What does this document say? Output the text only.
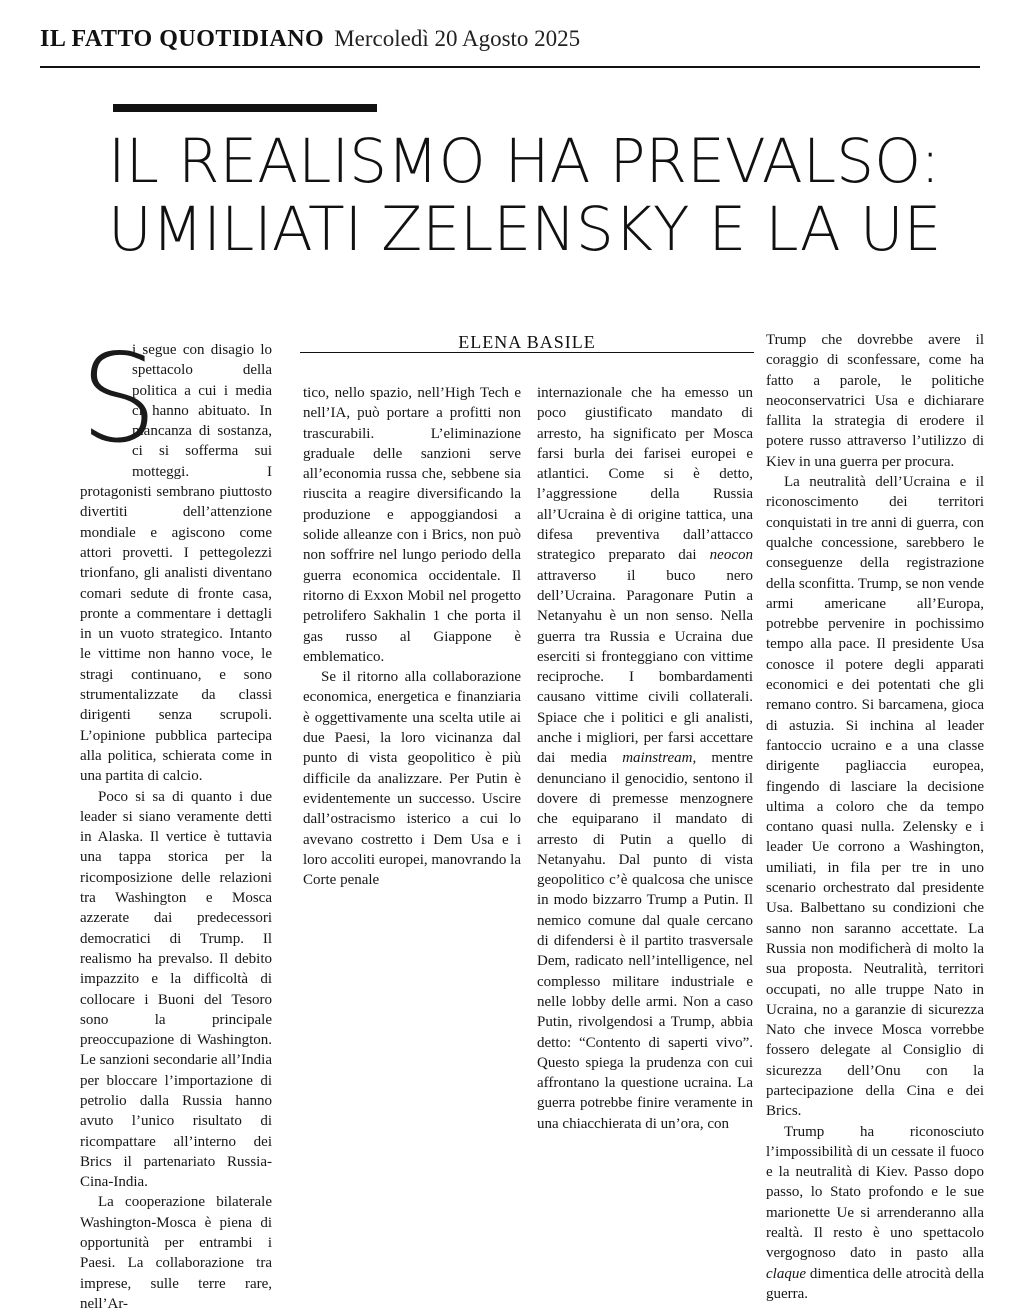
IL FATTO QUOTIDIANO Mercoledì 20 Agosto 2025
IL REALISMO HA PREVALSO:
UMILIATI ZELENSKY E LA UE
ELENA BASILE
S

i segue con disagio lo spettacolo della politica a cui i media ci hanno abituato. In mancanza di sostanza, ci si sofferma sui motteggi. I protagonisti sembrano piuttosto divertiti dell’attenzione mondiale e agiscono come attori provetti. I pettegolezzi trionfano, gli analisti diventano comari sedute di fronte casa, pronte a commentare i dettagli in un vuoto strategico. Intanto le vittime non hanno voce, le stragi continuano, e sono strumentalizzate da classi dirigenti senza scrupoli. L’opinione pubblica partecipa alla politica, schierata come in una partita di calcio.

Poco si sa di quanto i due leader si siano veramente detti in Alaska. Il vertice è tuttavia una tappa storica per la ricomposizione delle relazioni tra Washington e Mosca azzerate dai predecessori democratici di Trump. Il realismo ha prevalso. Il debito impazzito e la difficoltà di collocare i Buoni del Tesoro sono la principale preoccupazione di Washington. Le sanzioni secondarie all’India per bloccare l’importazione di petrolio dalla Russia hanno avuto l’unico risultato di ricompattare all’interno dei Brics il partenariato Russia-Cina-India.

La cooperazione bilaterale Washington-Mosca è piena di opportunità per entrambi i Paesi. La collaborazione tra imprese, sulle terre rare, nell’Ar-

tico, nello spazio, nell’High Tech e nell’IA, può portare a profitti non trascurabili. L’eliminazione graduale delle sanzioni serve all’economia russa che, sebbene sia riuscita a reagire diversificando la produzione e appoggiandosi a solide alleanze con i Brics, non può non soffrire nel lungo periodo della guerra economica occidentale. Il ritorno di Exxon Mobil nel progetto petrolifero Sakhalin 1 che porta il gas russo al Giappone è emblematico.

Se il ritorno alla collaborazione economica, energetica e finanziaria è oggettivamente una scelta utile ai due Paesi, la loro vicinanza dal punto di vista geopolitico è più difficile da analizzare. Per Putin è evidentemente un successo. Uscire dall’ostracismo isterico a cui lo avevano costretto i Dem Usa e i loro accoliti europei, manovrando la Corte penale

internazionale che ha emesso un poco giustificato mandato di arresto, ha significato per Mosca farsi burla dei farisei europei e atlantici. Come si è detto, l’aggressione della Russia all’Ucraina è di origine tattica, una difesa preventiva dall’attacco strategico preparato dai neocon attraverso il buco nero dell’Ucraina. Paragonare Putin a Netanyahu è un non senso. Nella guerra tra Russia e Ucraina due eserciti si fronteggiano con vittime reciproche. I bombardamenti causano vittime civili collaterali. Spiace che i politici e gli analisti, anche i migliori, per farsi accettare dai media mainstream, mentre denunciano il genocidio, sentono il dovere di premesse menzognere che equiparano il mandato di arresto di Putin a quello di Netanyahu. Dal punto di vista geopolitico c’è qualcosa che unisce in modo bizzarro Trump a Putin. Il nemico comune dal quale cercano di difendersi è il partito trasversale Dem, radicato nell’intelligence, nel complesso militare industriale e nelle lobby delle armi. Non a caso Putin, rivolgendosi a Trump, abbia detto: “Contento di saperti vivo”. Questo spiega la prudenza con cui affrontano la questione ucraina. La guerra potrebbe finire veramente in una chiacchierata di un’ora, con

Trump che dovrebbe avere il coraggio di sconfessare, come ha fatto a parole, le politiche neoconservatrici Usa e dichiarare fallita la strategia di erodere il potere russo attraverso l’utilizzo di Kiev in una guerra per procura.

La neutralità dell’Ucraina e il riconoscimento dei territori conquistati in tre anni di guerra, con qualche concessione, sarebbero le conseguenze della registrazione della sconfitta. Trump, se non vende armi americane all’Europa, potrebbe pervenire in pochissimo tempo alla pace. Il presidente Usa conosce il potere degli apparati economici e dei potentati che gli remano contro. Si barcamena, gioca di astuzia. Si inchina al leader fantoccio ucraino e a una classe dirigente pagliaccia europea, fingendo di lasciare la decisione ultima a coloro che da tempo contano quasi nulla. Zelensky e i leader Ue corrono a Washington, umiliati, in fila per tre in uno scenario orchestrato dal presidente Usa. Balbettano su condizioni che sanno non saranno accettate. La Russia non modificherà di molto la sua proposta. Neutralità, territori occupati, no alle truppe Nato in Ucraina, no a garanzie di sicurezza Nato che invece Mosca vorrebbe fossero delegate al Consiglio di sicurezza dell’Onu con la partecipazione della Cina e dei Brics.

Trump ha riconosciuto l’impossibilità di un cessate il fuoco e la neutralità di Kiev. Passo dopo passo, lo Stato profondo e le sue marionette Ue si arrenderanno alla realtà. Il resto è uno spettacolo vergognoso dato in pasto alla claque dimentica delle atrocità della guerra.
